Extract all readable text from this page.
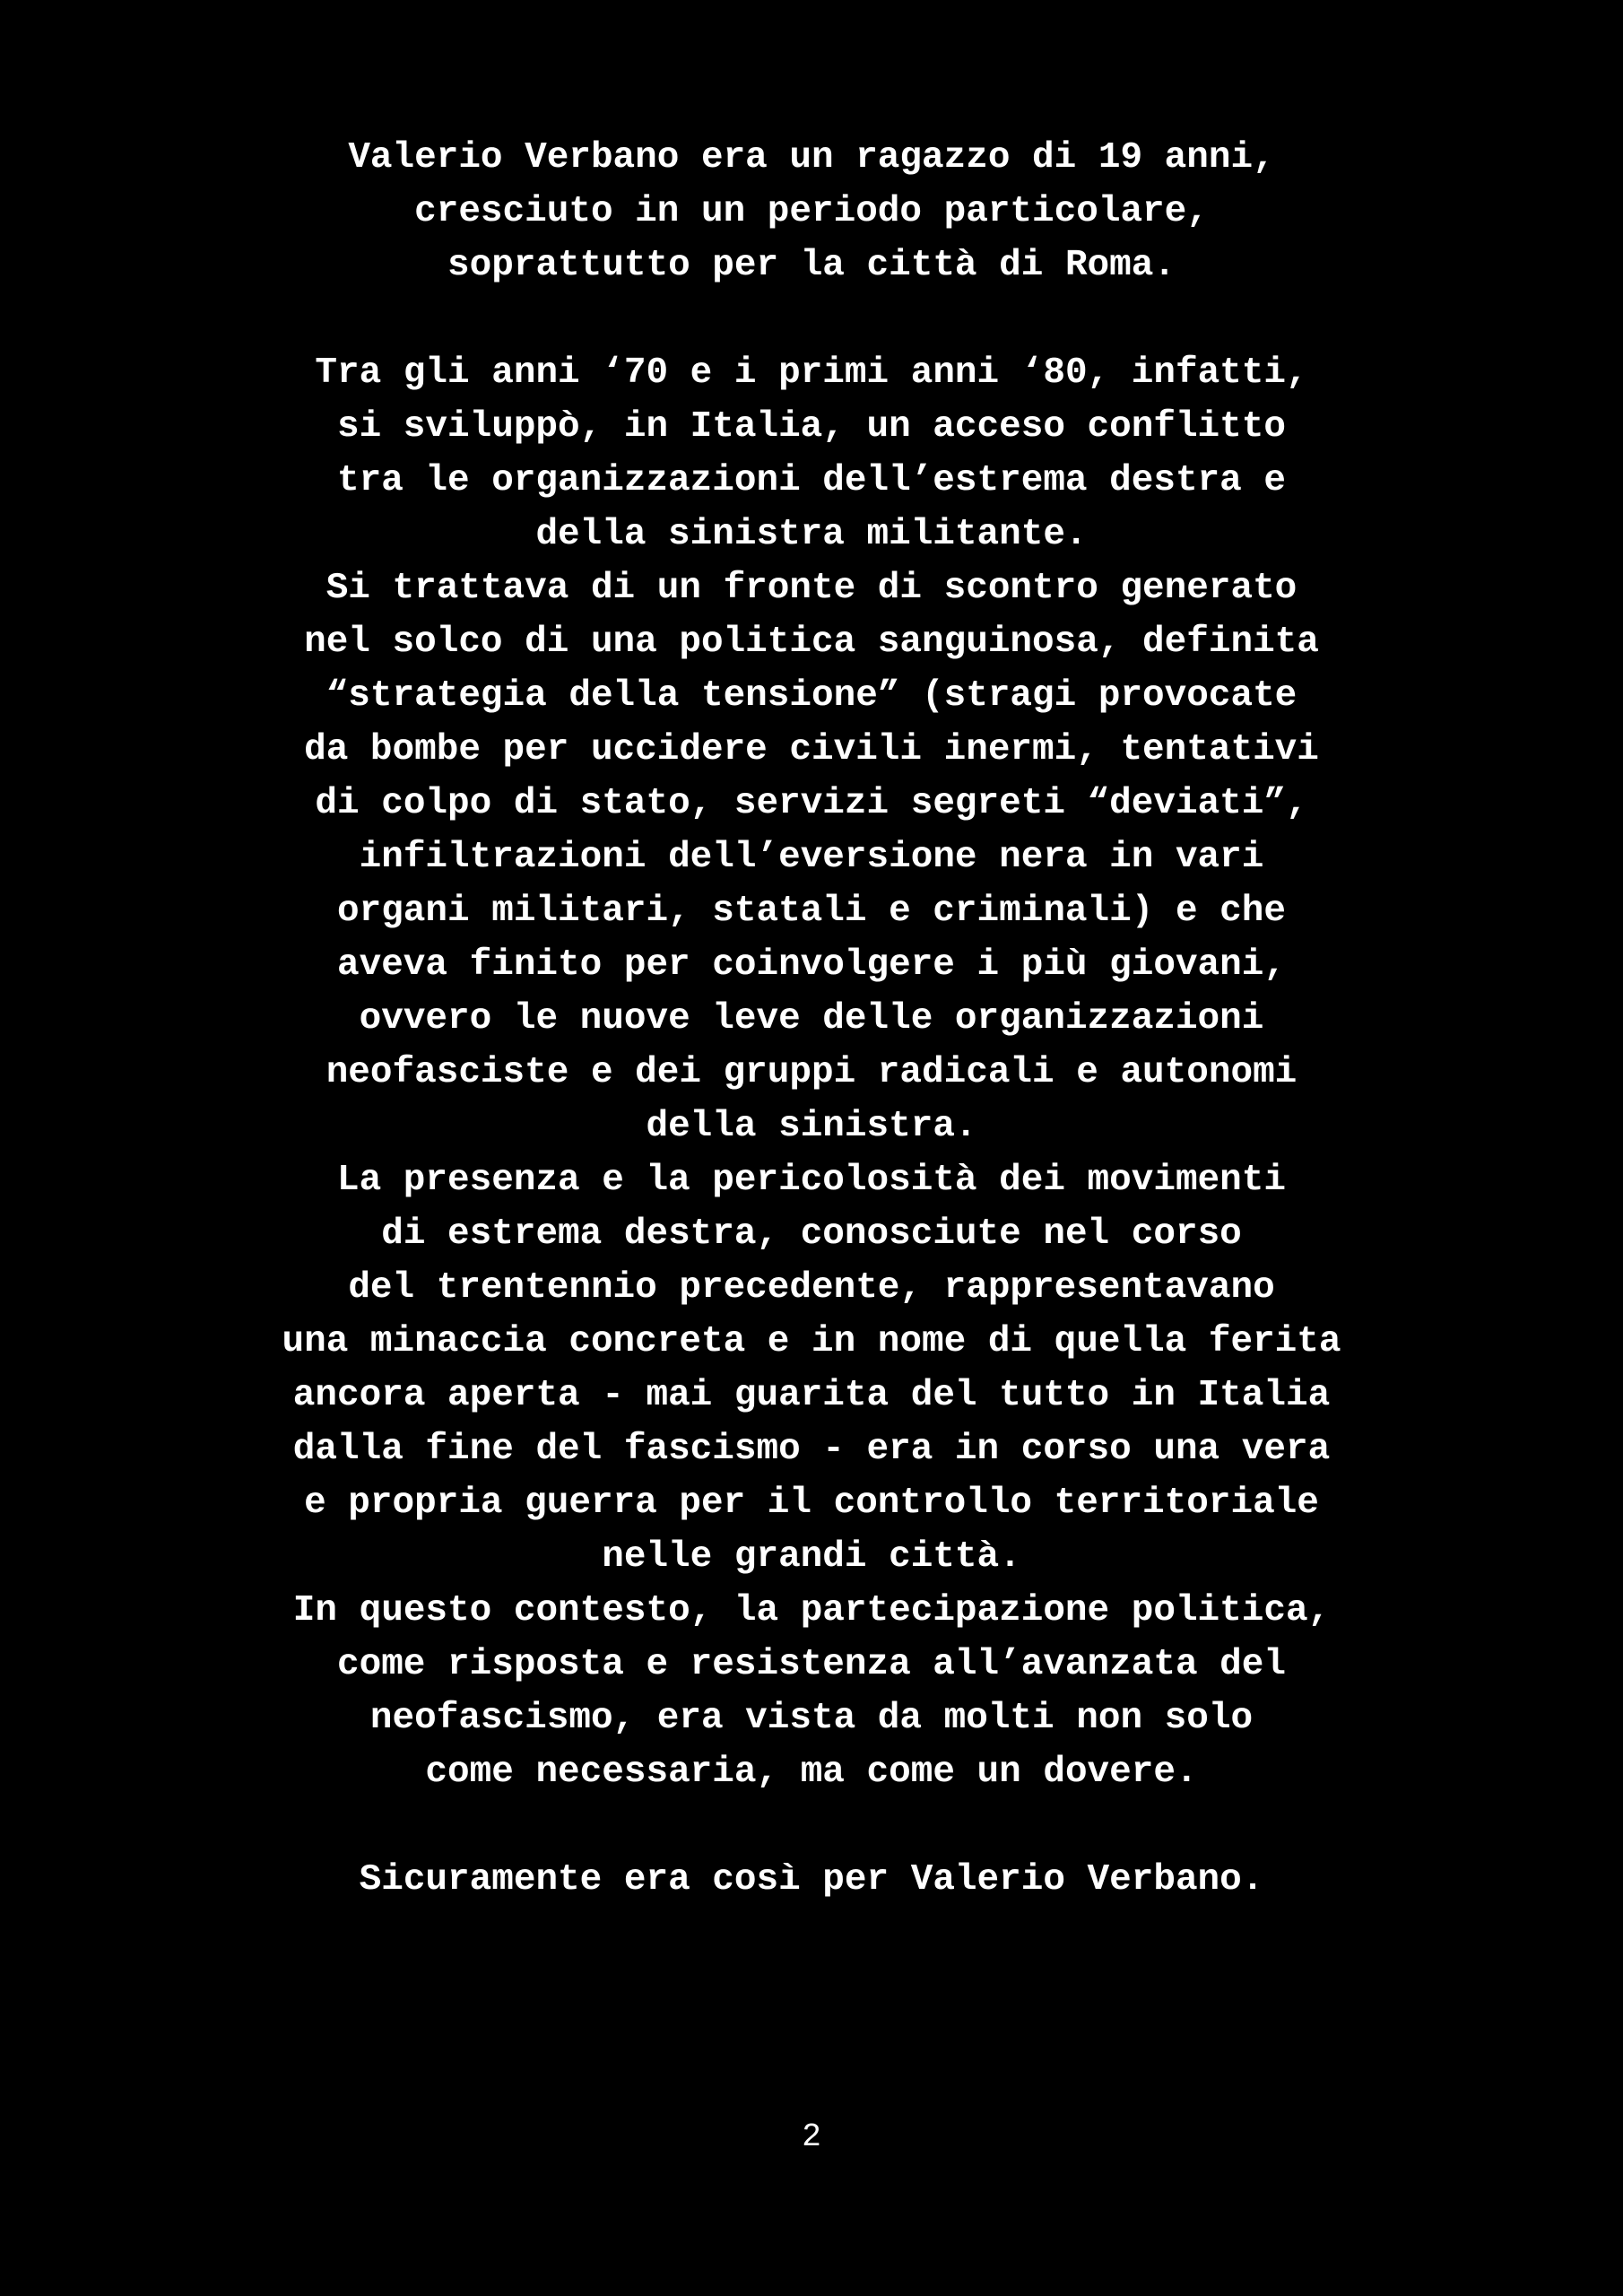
Valerio Verbano era un ragazzo di 19 anni,
cresciuto in un periodo particolare,
soprattutto per la città di Roma.
Tra gli anni ‘70 e i primi anni ‘80, infatti,
si sviluppò, in Italia, un acceso conflitto
tra le organizzazioni dell’estrema destra e
della sinistra militante.
Si trattava di un fronte di scontro generato
nel solco di una politica sanguinosa, definita
“strategia della tensione” (stragi provocate
da bombe per uccidere civili inermi, tentativi
di colpo di stato, servizi segreti “deviati”,
infiltrazioni dell’eversione nera in vari
organi militari, statali e criminali) e che
aveva finito per coinvolgere i più giovani,
ovvero le nuove leve delle organizzazioni
neofasciste e dei gruppi radicali e autonomi
della sinistra.
La presenza e la pericolosità dei movimenti
di estrema destra, conosciute nel corso
del trentennio precedente, rappresentavano
una minaccia concreta e in nome di quella ferita
ancora aperta - mai guarita del tutto in Italia
dalla fine del fascismo - era in corso una vera
e propria guerra per il controllo territoriale
nelle grandi città.
In questo contesto, la partecipazione politica,
come risposta e resistenza all’avanzata del
neofascismo, era vista da molti non solo
come necessaria, ma come un dovere.
Sicuramente era così per Valerio Verbano.
2
